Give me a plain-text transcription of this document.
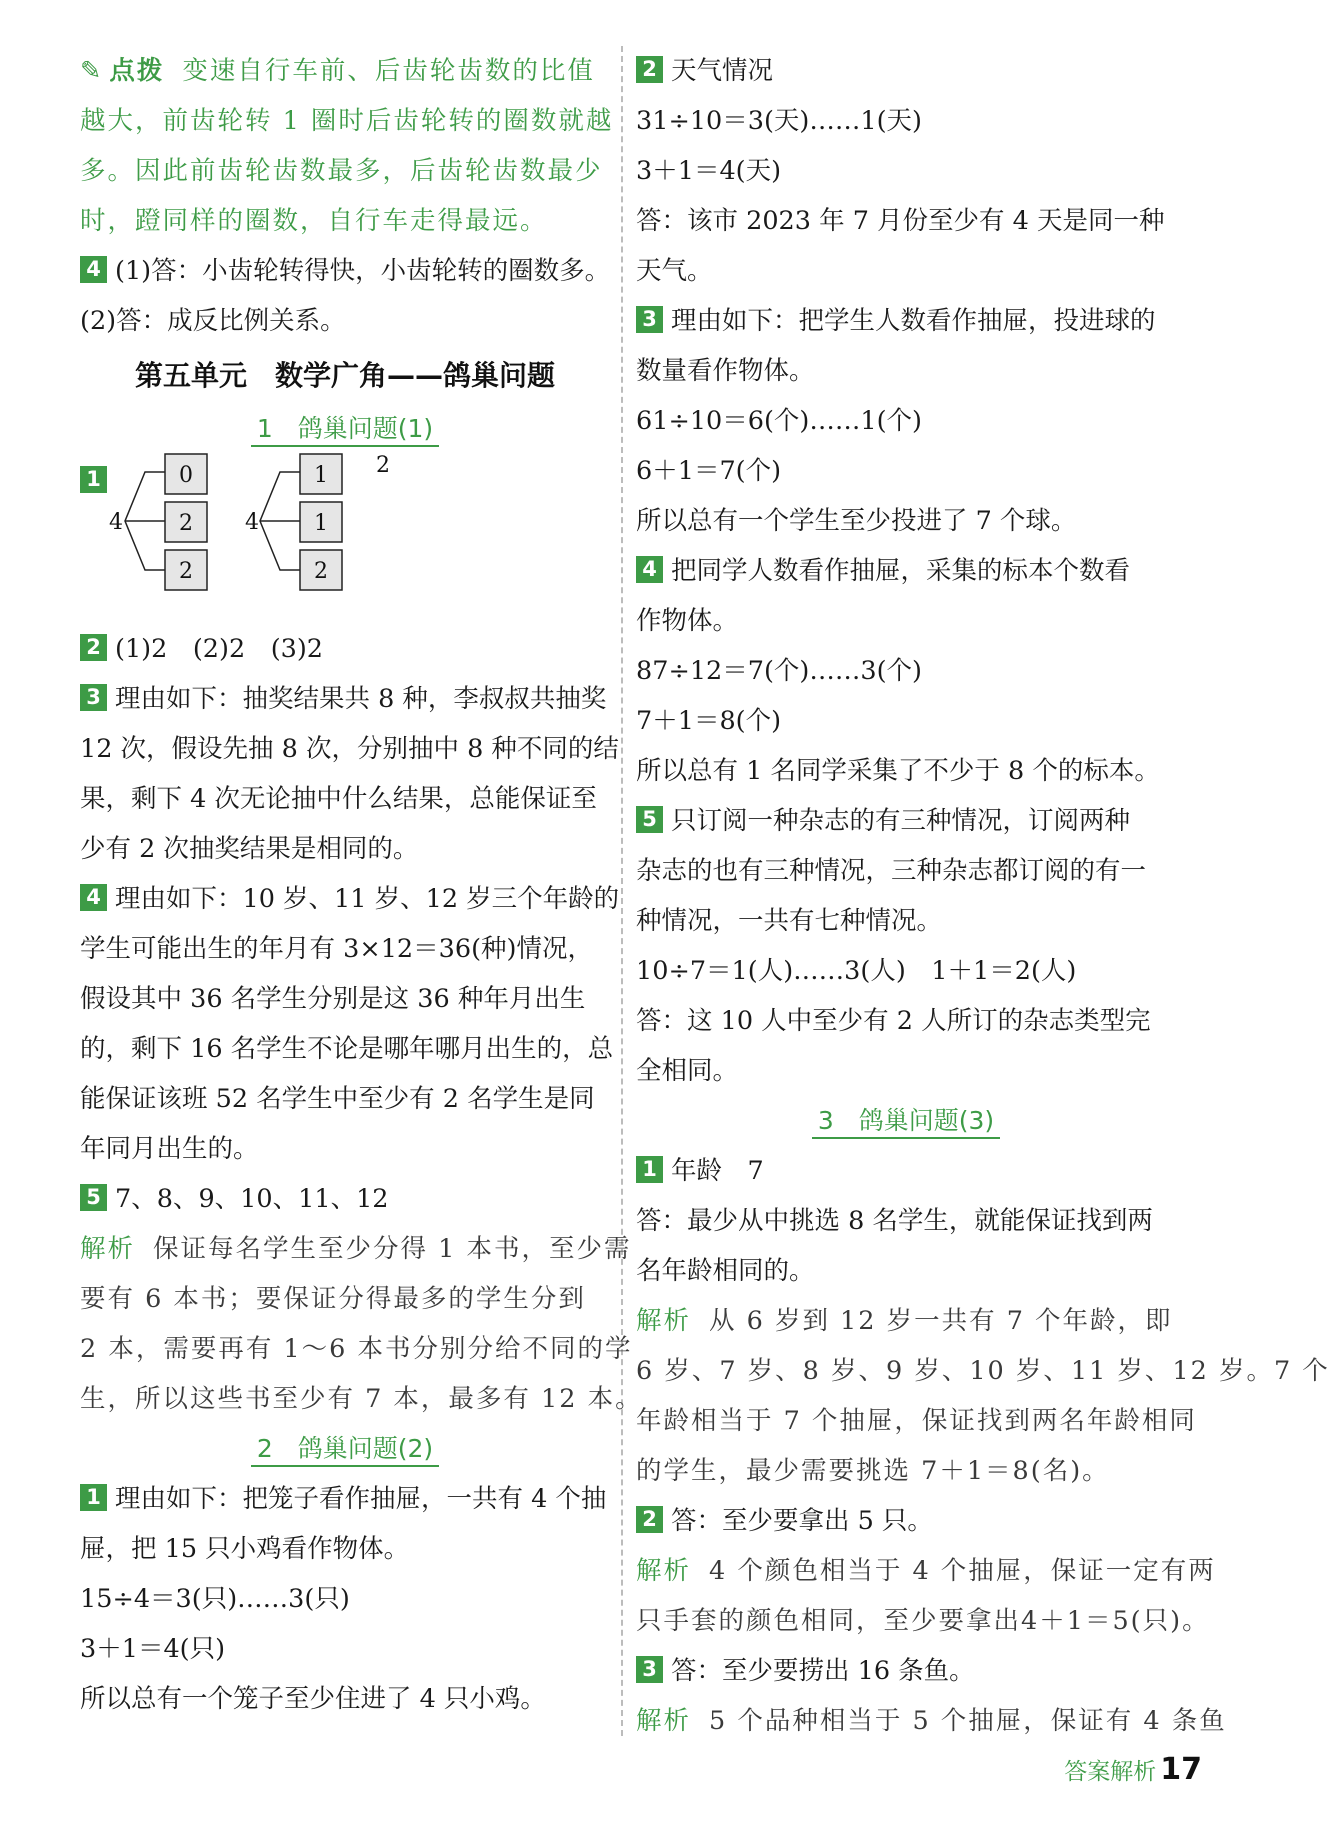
✎ 点拨 变速自行车前、后齿轮齿数的比值
越大，前齿轮转 1 圈时后齿轮转的圈数就越
多。因此前齿轮齿数最多，后齿轮齿数最少
时，蹬同样的圈数，自行车走得最远。
4 (1)答：小齿轮转得快，小齿轮转的圈数多。
(2)答：成反比例关系。
第五单元　数学广角——鸽巢问题
1　鸽巢问题(1)
1
4
0
2
2
4
1
1
2
2
2 (1)2　(2)2　(3)2
3 理由如下：抽奖结果共 8 种，李叔叔共抽奖
12 次，假设先抽 8 次，分别抽中 8 种不同的结
果，剩下 4 次无论抽中什么结果，总能保证至
少有 2 次抽奖结果是相同的。
4 理由如下：10 岁、11 岁、12 岁三个年龄的
学生可能出生的年月有 3×12＝36(种)情况，
假设其中 36 名学生分别是这 36 种年月出生
的，剩下 16 名学生不论是哪年哪月出生的，总
能保证该班 52 名学生中至少有 2 名学生是同
年同月出生的。
5 7、8、9、10、11、12
解析 保证每名学生至少分得 1 本书，至少需
要有 6 本书；要保证分得最多的学生分到
2 本，需要再有 1～6 本书分别分给不同的学
生，所以这些书至少有 7 本，最多有 12 本。
2　鸽巢问题(2)
1 理由如下：把笼子看作抽屉，一共有 4 个抽
屉，把 15 只小鸡看作物体。
15÷4＝3(只)……3(只)
3＋1＝4(只)
所以总有一个笼子至少住进了 4 只小鸡。
2 天气情况
31÷10＝3(天)……1(天)
3＋1＝4(天)
答：该市 2023 年 7 月份至少有 4 天是同一种
天气。
3 理由如下：把学生人数看作抽屉，投进球的
数量看作物体。
61÷10＝6(个)……1(个)
6＋1＝7(个)
所以总有一个学生至少投进了 7 个球。
4 把同学人数看作抽屉，采集的标本个数看
作物体。
87÷12＝7(个)……3(个)
7＋1＝8(个)
所以总有 1 名同学采集了不少于 8 个的标本。
5 只订阅一种杂志的有三种情况，订阅两种
杂志的也有三种情况，三种杂志都订阅的有一
种情况，一共有七种情况。
10÷7＝1(人)……3(人)　1＋1＝2(人)
答：这 10 人中至少有 2 人所订的杂志类型完
全相同。
3　鸽巢问题(3)
1 年龄　7
答：最少从中挑选 8 名学生，就能保证找到两
名年龄相同的。
解析 从 6 岁到 12 岁一共有 7 个年龄，即
6 岁、7 岁、8 岁、9 岁、10 岁、11 岁、12 岁。7 个
年龄相当于 7 个抽屉，保证找到两名年龄相同
的学生，最少需要挑选 7＋1＝8(名)。
2 答：至少要拿出 5 只。
解析 4 个颜色相当于 4 个抽屉，保证一定有两
只手套的颜色相同，至少要拿出4＋1＝5(只)。
3 答：至少要捞出 16 条鱼。
解析 5 个品种相当于 5 个抽屉，保证有 4 条鱼
答案解析 17
